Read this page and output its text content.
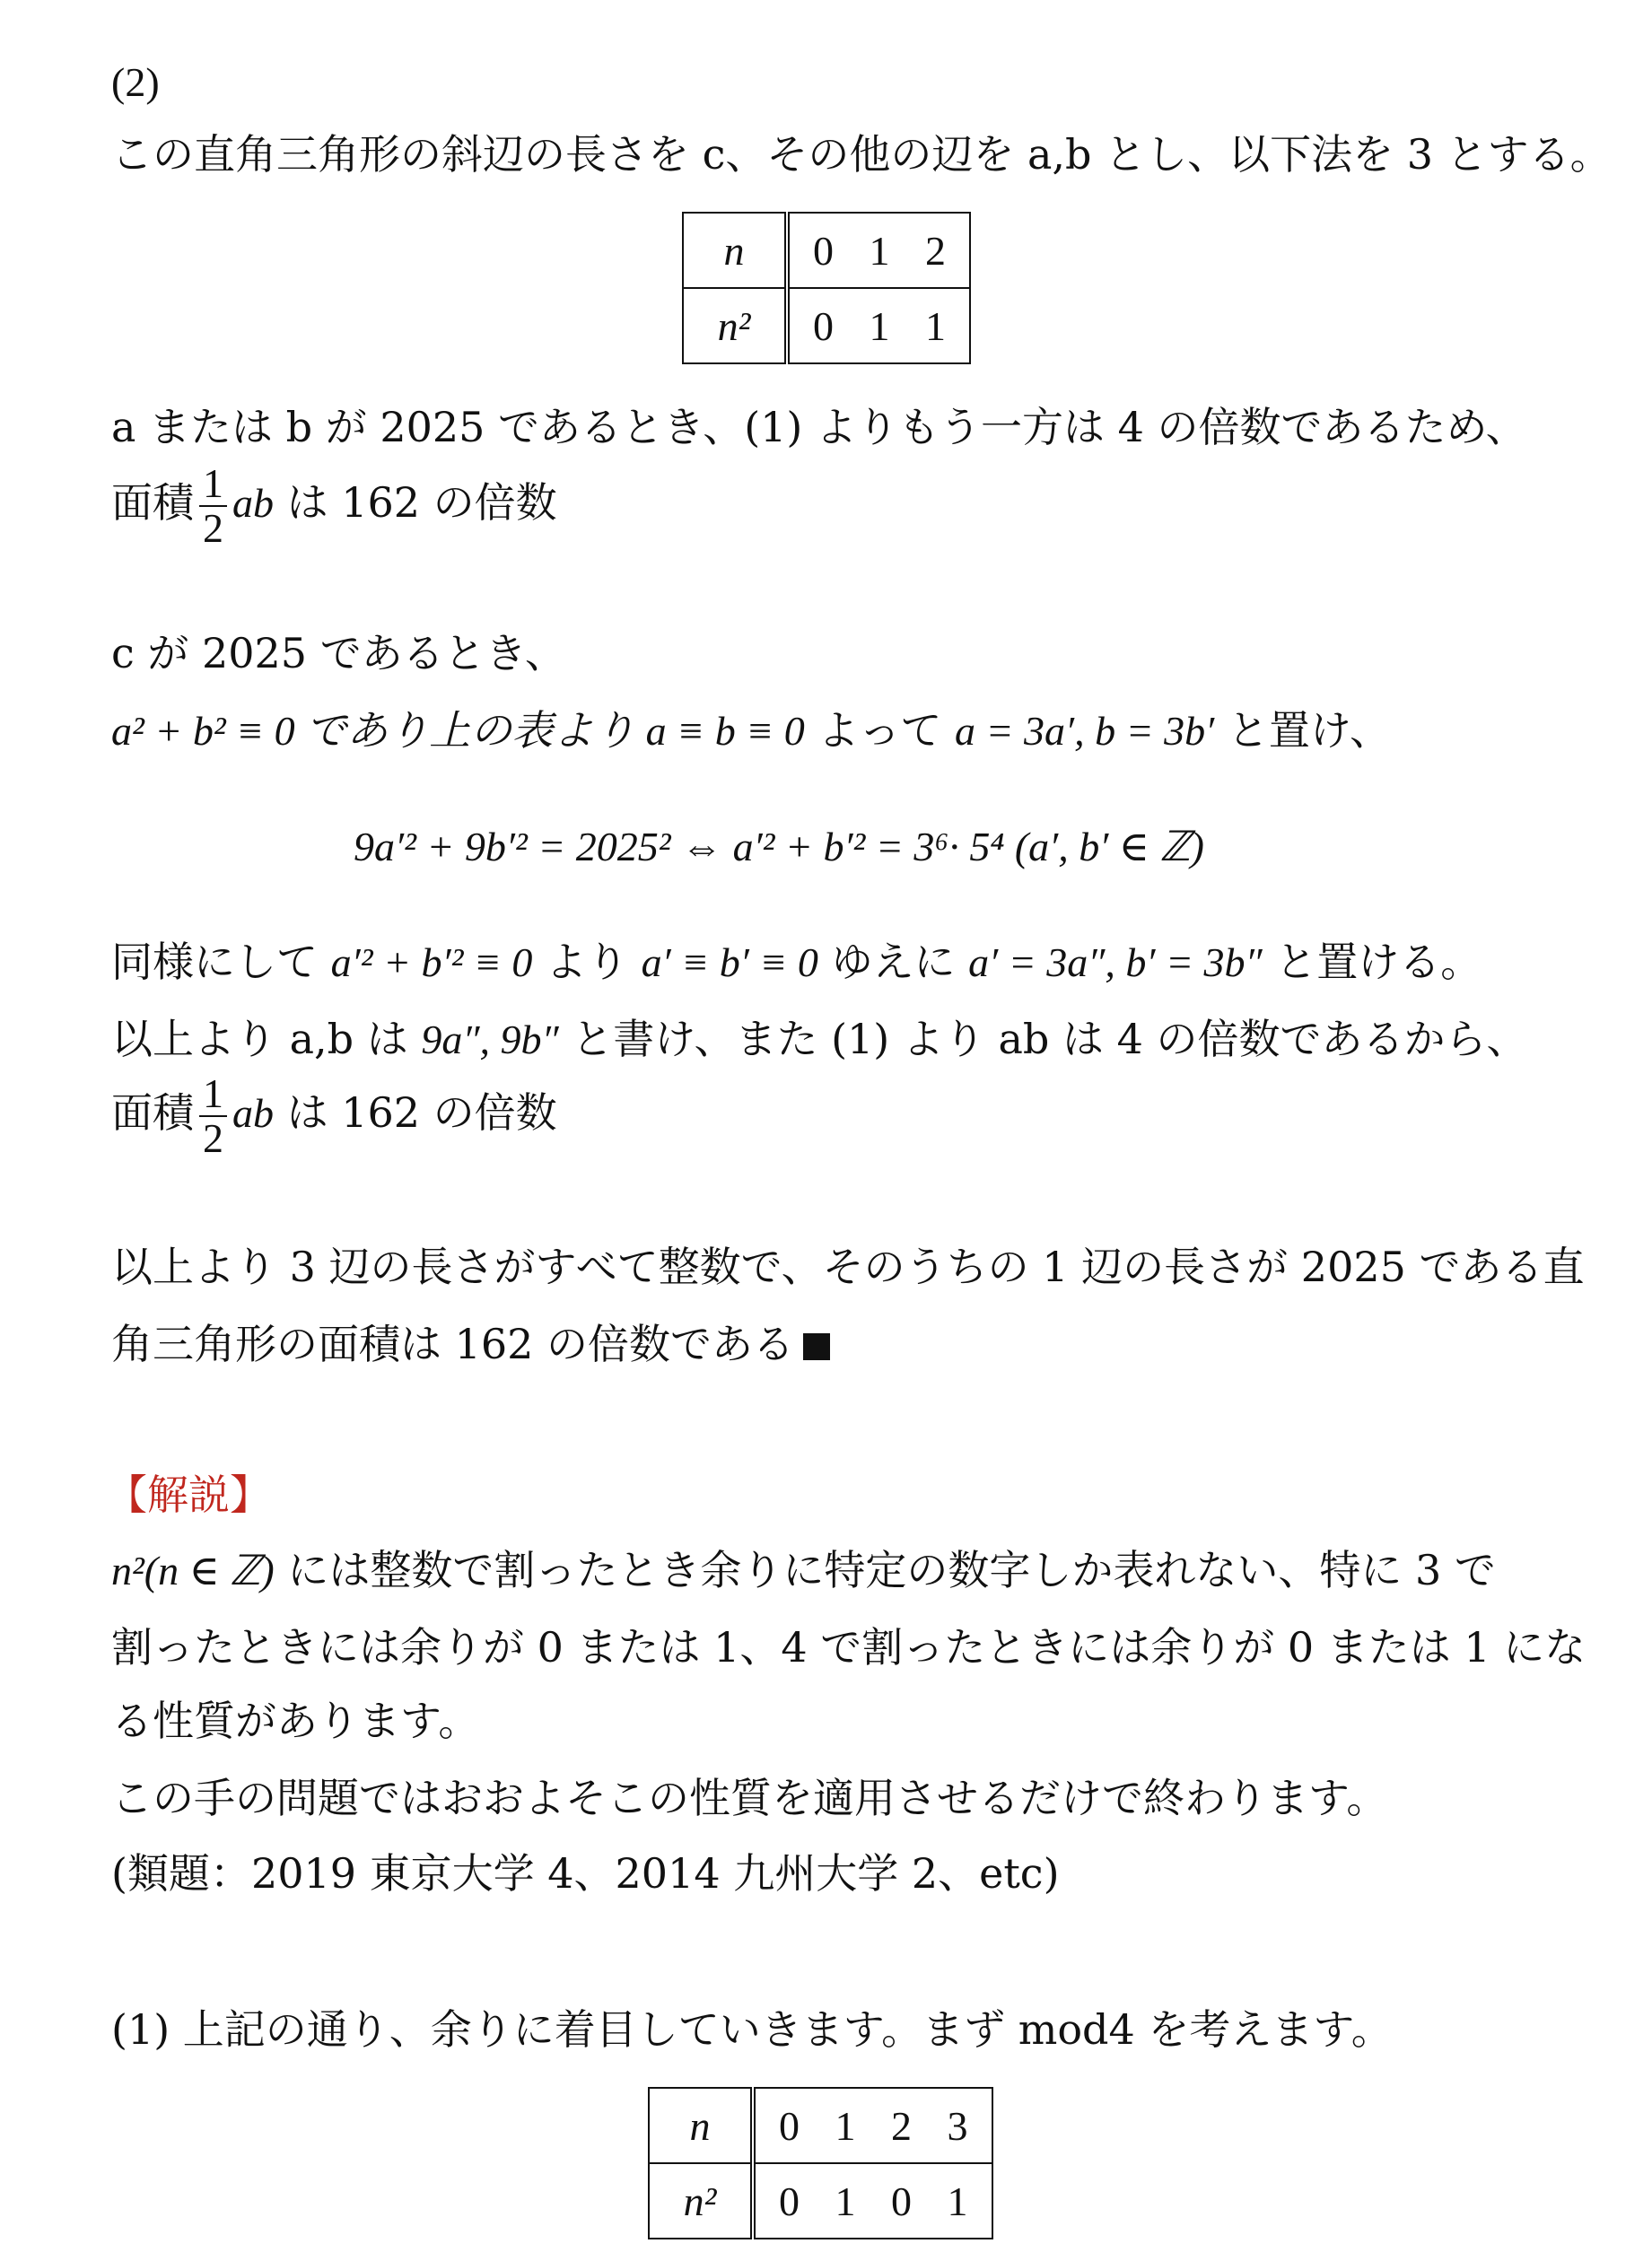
(2)
この直角三角形の斜辺の長さを c、その他の辺を a,b とし、以下法を 3 とする。
n	0 1 2
n²	0 1 1
a または b が 2025 であるとき、(1) よりもう一方は 4 の倍数であるため、
面積 $\frac{1}{2}$ ab は 162 の倍数
c が 2025 であるとき、
a² + b² ≡ 0 であり上の表より a ≡ b ≡ 0 よって a = 3a′, b = 3b′ と置け、
9a′² + 9b′² = 2025² ⇔ a′² + b′² = 3⁶· 5⁴ (a′, b′ ∈ ℤ)
同様にして a′² + b′² ≡ 0 より a′ ≡ b′ ≡ 0 ゆえに a′ = 3a″, b′ = 3b″ と置ける。
以上より a,b は 9a″, 9b″ と書け、また (1) より ab は 4 の倍数であるから、
面積 $\frac{1}{2}$ ab は 162 の倍数
以上より 3 辺の長さがすべて整数で、そのうちの 1 辺の長さが 2025 である直
角三角形の面積は 162 の倍数である
【解説】
n²(n ∈ ℤ) には整数で割ったとき余りに特定の数字しか表れない、特に 3 で
割ったときには余りが 0 または 1、4 で割ったときには余りが 0 または 1 にな
る性質があります。
この手の問題ではおおよそこの性質を適用させるだけで終わります。
(類題：2019 東京大学 4、2014 九州大学 2、etc)
(1) 上記の通り、余りに着目していきます。まず mod4 を考えます。
n	0 1 2 3
n²	0 1 0 1
